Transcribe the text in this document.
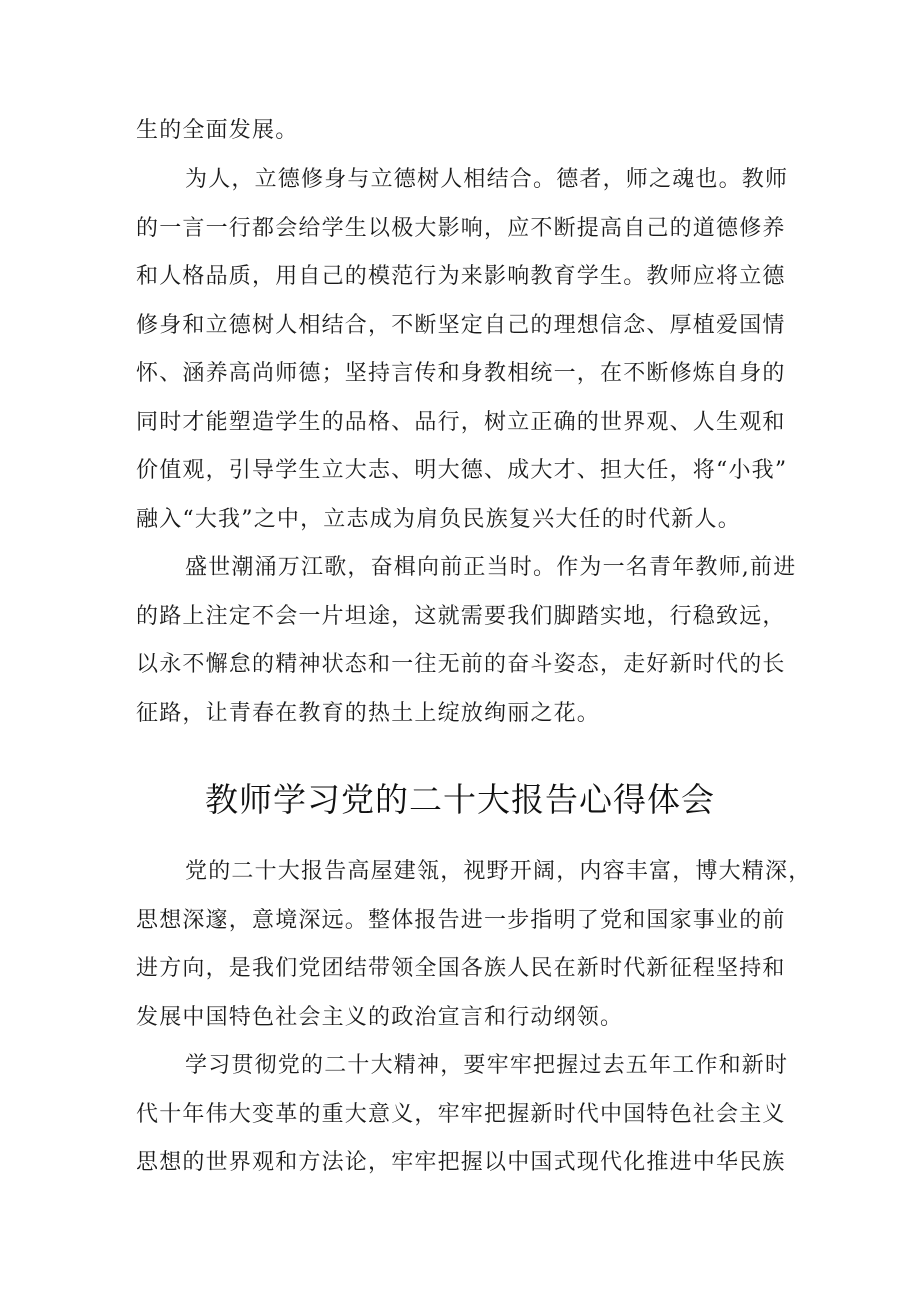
生的全面发展。
为人，立德修身与立德树人相结合。德者，师之魂也。教师
的一言一行都会给学生以极大影响，应不断提高自己的道德修养
和人格品质，用自己的模范行为来影响教育学生。教师应将立德
修身和立德树人相结合，不断坚定自己的理想信念、厚植爱国情
怀、涵养高尚师德；坚持言传和身教相统一，在不断修炼自身的
同时才能塑造学生的品格、品行，树立正确的世界观、人生观和
价值观，引导学生立大志、明大德、成大才、担大任，将“小我”
融入“大我”之中，立志成为肩负民族复兴大任的时代新人。
盛世潮涌万江歌，奋楫向前正当时。作为一名青年教师,前进
的路上注定不会一片坦途，这就需要我们脚踏实地，行稳致远，
以永不懈怠的精神状态和一往无前的奋斗姿态，走好新时代的长
征路，让青春在教育的热土上绽放绚丽之花。
教师学习党的二十大报告心得体会
党的二十大报告高屋建瓴，视野开阔，内容丰富，博大精深，
思想深邃，意境深远。整体报告进一步指明了党和国家事业的前
进方向，是我们党团结带领全国各族人民在新时代新征程坚持和
发展中国特色社会主义的政治宣言和行动纲领。
学习贯彻党的二十大精神，要牢牢把握过去五年工作和新时
代十年伟大变革的重大意义，牢牢把握新时代中国特色社会主义
思想的世界观和方法论，牢牢把握以中国式现代化推进中华民族
